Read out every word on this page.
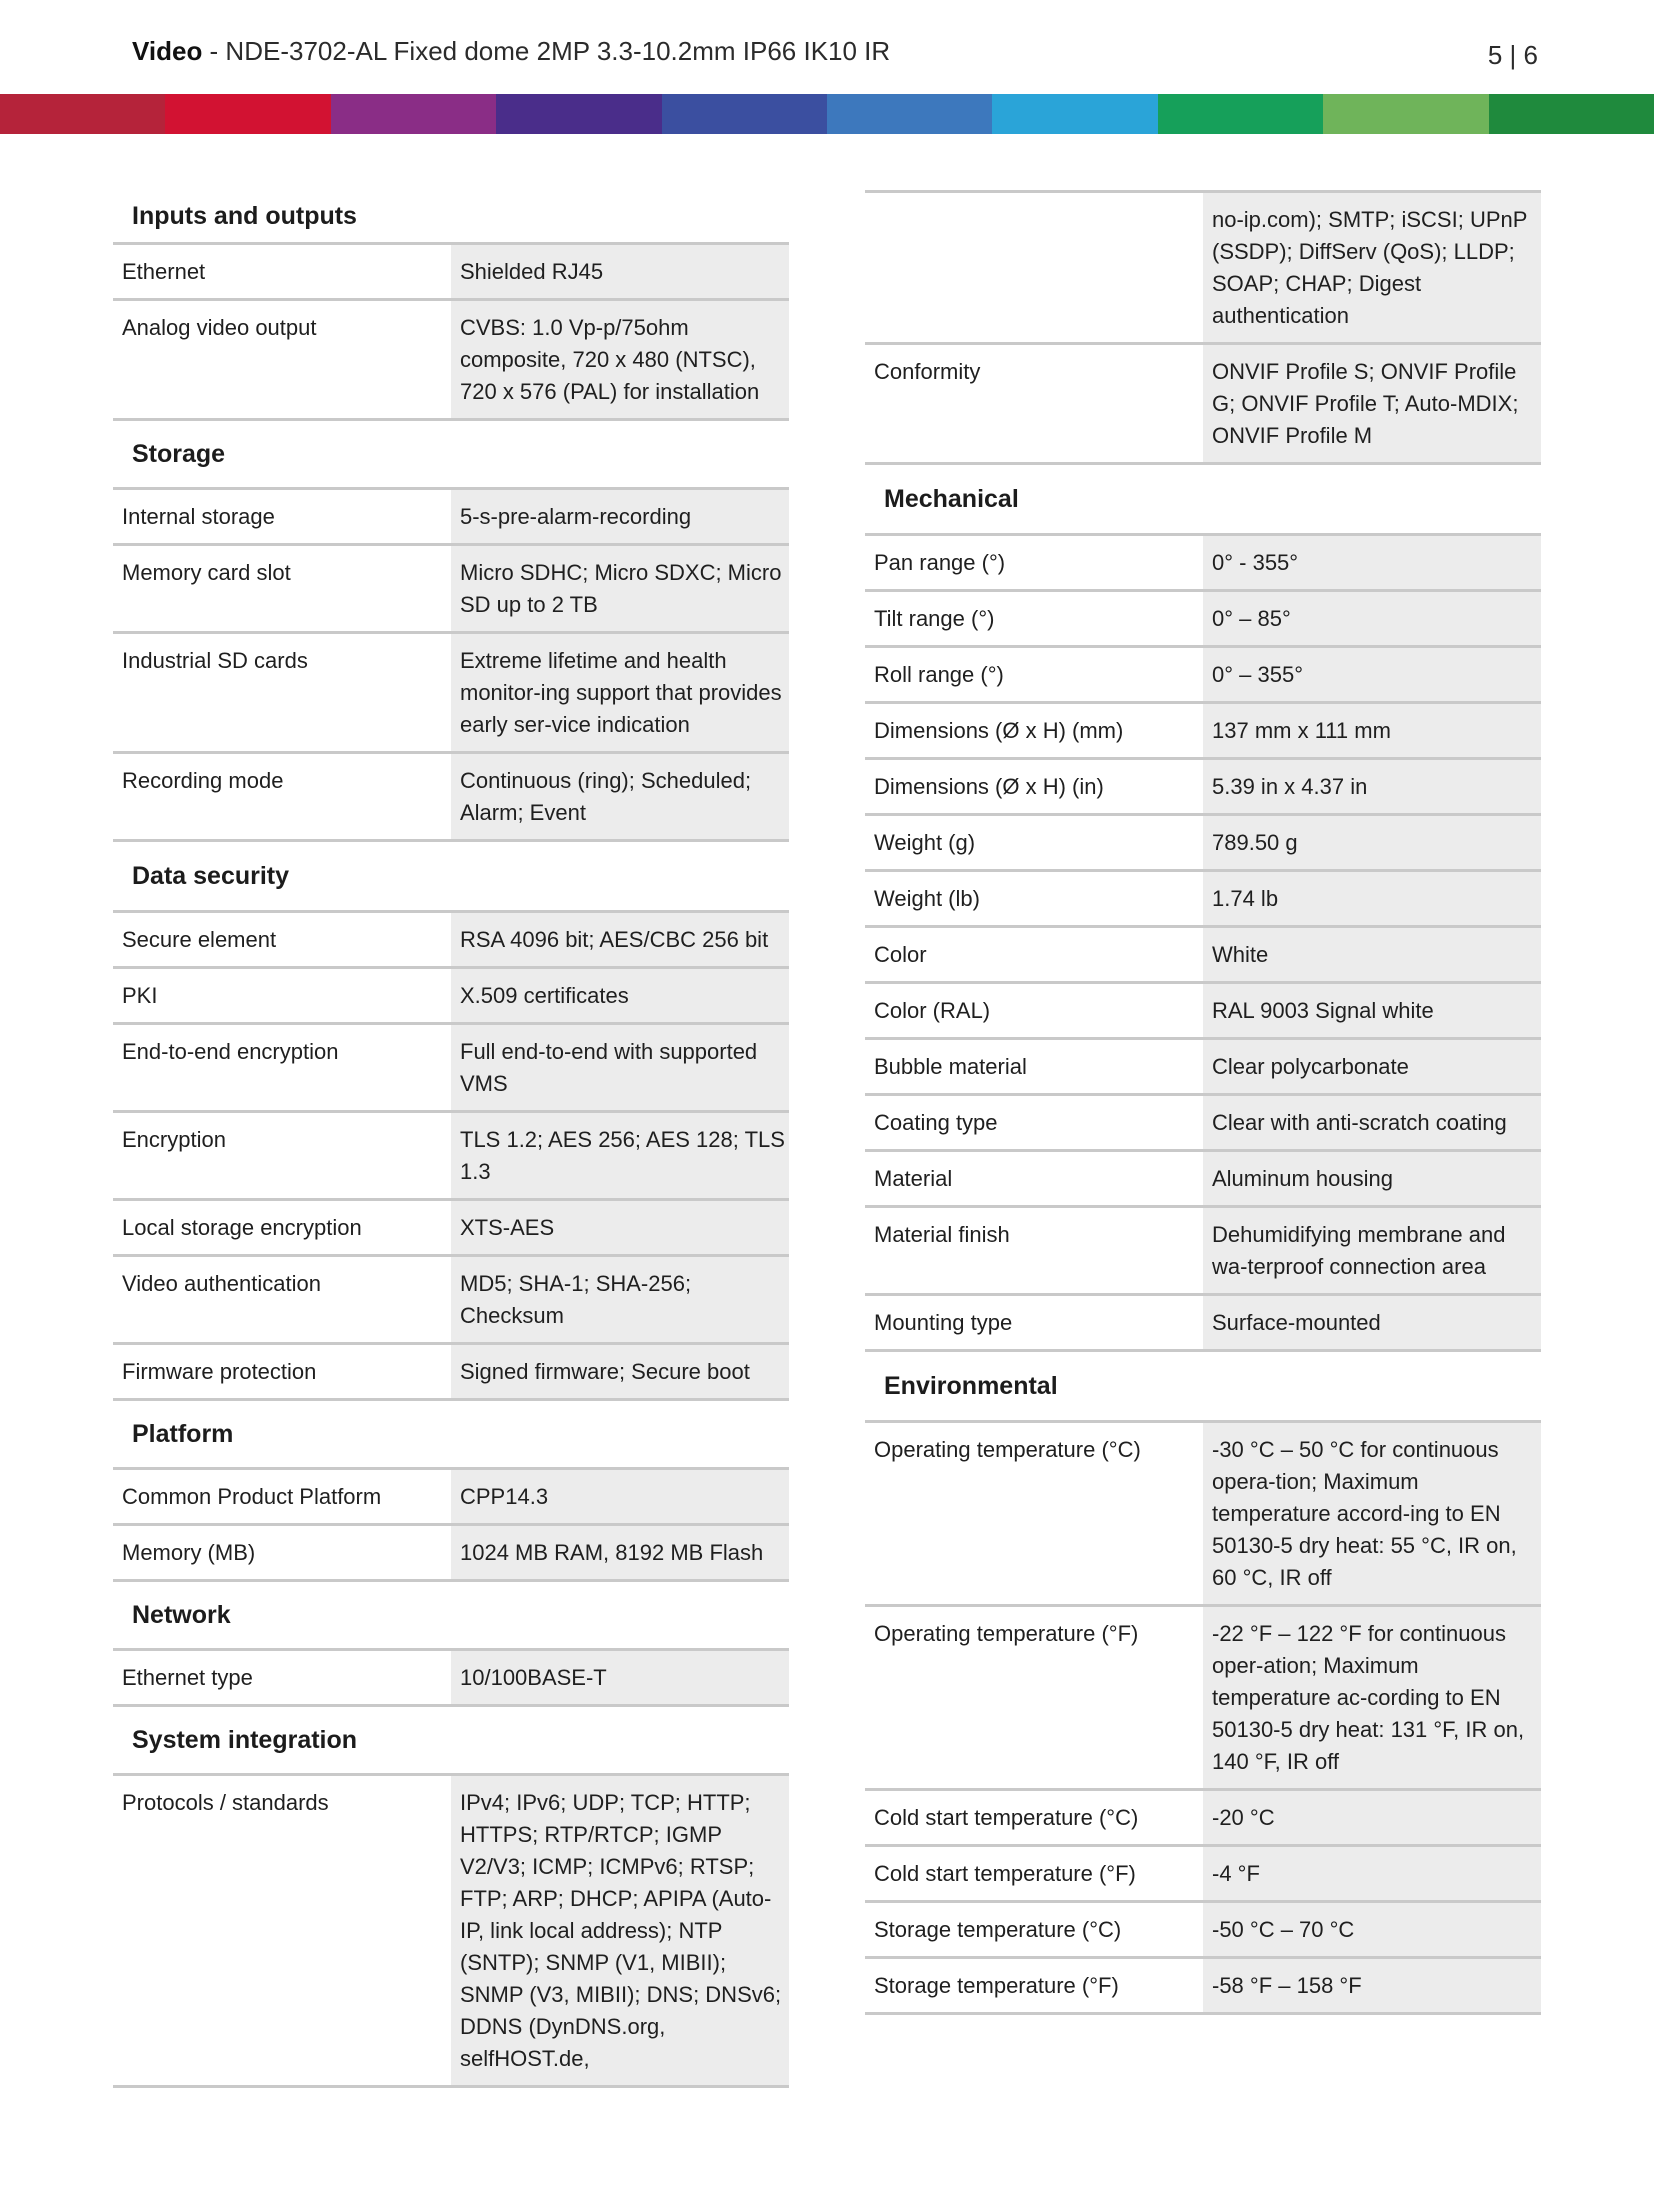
Video - NDE-3702-AL Fixed dome 2MP 3.3-10.2mm IP66 IK10 IR	5 | 6
Inputs and outputs	

Ethernet	Shielded RJ45
Analog video output	CVBS: 1.0 Vp-p/75ohm composite, 720 x 480 (NTSC), 720 x 576 (PAL) for installation

Storage	

Internal storage	5-s-pre-alarm-recording
Memory card slot	Micro SDHC; Micro SDXC; Micro SD up to 2 TB
Industrial SD cards	Extreme lifetime and health monitor-ing support that provides early ser-vice indication
Recording mode	Continuous (ring); Scheduled; Alarm; Event

Data security	

Secure element	RSA 4096 bit; AES/CBC 256 bit
PKI	X.509 certificates
End-to-end encryption	Full end-to-end with supported VMS
Encryption	TLS 1.2; AES 256; AES 128; TLS 1.3
Local storage encryption	XTS-AES
Video authentication	MD5; SHA-1; SHA-256; Checksum
Firmware protection	Signed firmware; Secure boot

Platform	

Common Product Platform	CPP14.3
Memory (MB)	1024 MB RAM, 8192 MB Flash

Network	

Ethernet type	10/100BASE-T

System integration	

Protocols / standards	IPv4; IPv6; UDP; TCP; HTTP; HTTPS; RTP/RTCP; IGMP V2/V3; ICMP; ICMPv6; RTSP; FTP; ARP; DHCP; APIPA (Auto-IP, link local address); NTP (SNTP); SNMP (V1, MIBII); SNMP (V3, MIBII); DNS; DNSv6; DDNS (DynDNS.org, selfHOST.de,
	no-ip.com); SMTP; iSCSI; UPnP (SSDP); DiffServ (QoS); LLDP; SOAP; CHAP; Digest authentication
Conformity	ONVIF Profile S; ONVIF Profile G; ONVIF Profile T; Auto-MDIX; ONVIF Profile M

Mechanical	

Pan range (°)	0° - 355°
Tilt range (°)	0° – 85°
Roll range (°)	0° – 355°
Dimensions (Ø x H) (mm)	137 mm x 111 mm
Dimensions (Ø x H) (in)	5.39 in x 4.37 in
Weight (g)	789.50 g
Weight (lb)	1.74 lb
Color	White
Color (RAL)	RAL 9003 Signal white
Bubble material	Clear polycarbonate
Coating type	Clear with anti-scratch coating
Material	Aluminum housing
Material finish	Dehumidifying membrane and wa-terproof connection area
Mounting type	Surface-mounted

Environmental	

Operating temperature (°C)	-30 °C – 50 °C for continuous opera-tion; Maximum temperature accord-ing to EN 50130-5 dry heat: 55 °C, IR on, 60 °C, IR off
Operating temperature (°F)	-22 °F – 122 °F for continuous oper-ation; Maximum temperature ac-cording to EN 50130-5 dry heat: 131 °F, IR on, 140 °F, IR off
Cold start temperature (°C)	-20 °C
Cold start temperature (°F)	-4 °F
Storage temperature (°C)	-50 °C – 70 °C
Storage temperature (°F)	-58 °F – 158 °F
